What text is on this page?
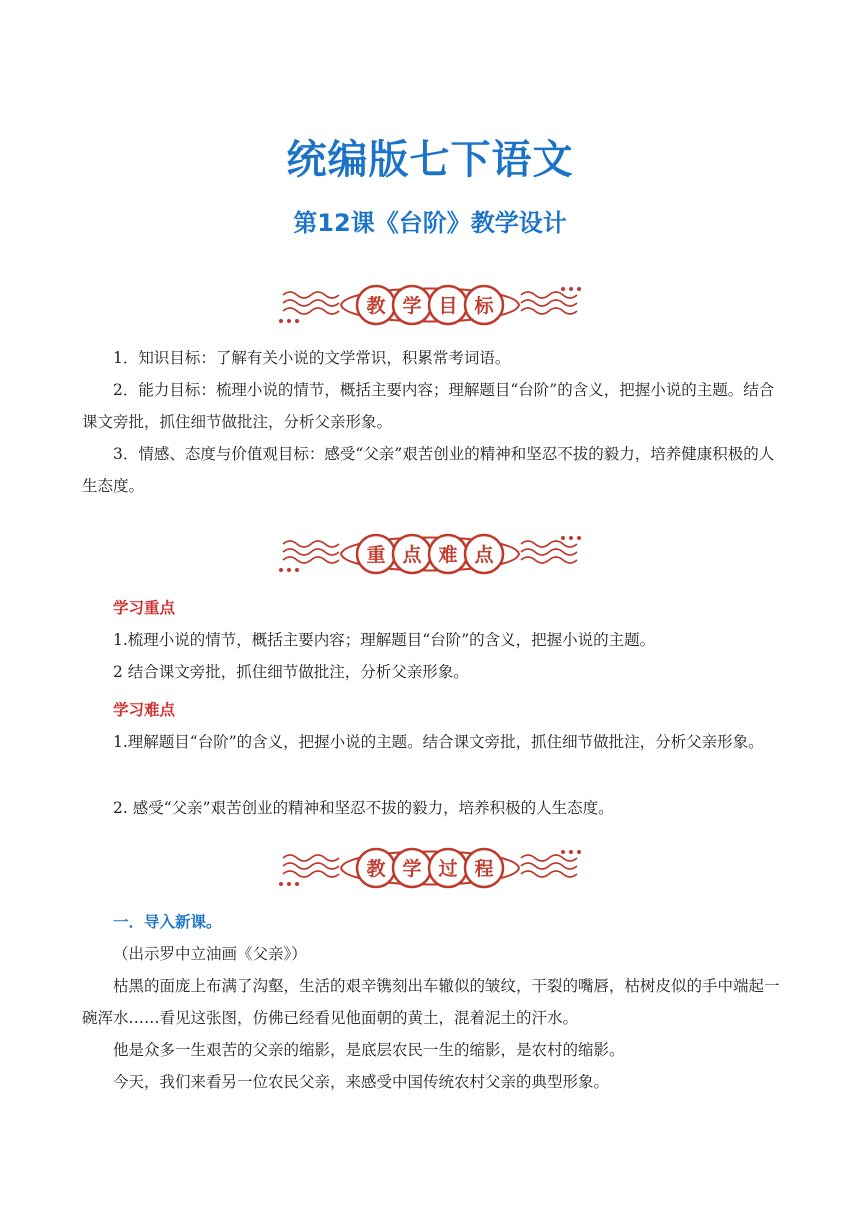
统编版七下语文
第12课《台阶》教学设计
教 学 目 标

1．知识目标：了解有关小说的文学常识，积累常考词语。

2．能力目标：梳理小说的情节，概括主要内容；理解题目“台阶”的含义，把握小说的主题。结合课文旁批，抓住细节做批注，分析父亲形象。

3．情感、态度与价值观目标：感受“父亲”艰苦创业的精神和坚忍不拔的毅力，培养健康积极的人生态度。

重 点 难 点
学习重点

1.梳理小说的情节，概括主要内容；理解题目“台阶”的含义，把握小说的主题。

2 结合课文旁批，抓住细节做批注，分析父亲形象。

学习难点

1.理解题目“台阶”的含义，把握小说的主题。结合课文旁批，抓住细节做批注，分析父亲形象。

2. 感受“父亲”艰苦创业的精神和坚忍不拔的毅力，培养积极的人生态度。

教 学 过 程
一．导入新课。

（出示罗中立油画《父亲》）

枯黑的面庞上布满了沟壑，生活的艰辛镌刻出车辙似的皱纹，干裂的嘴唇，枯树皮似的手中端起一碗浑水……看见这张图，仿佛已经看见他面朝的黄土，混着泥土的汗水。

他是众多一生艰苦的父亲的缩影，是底层农民一生的缩影，是农村的缩影。

今天，我们来看另一位农民父亲，来感受中国传统农村父亲的典型形象。
